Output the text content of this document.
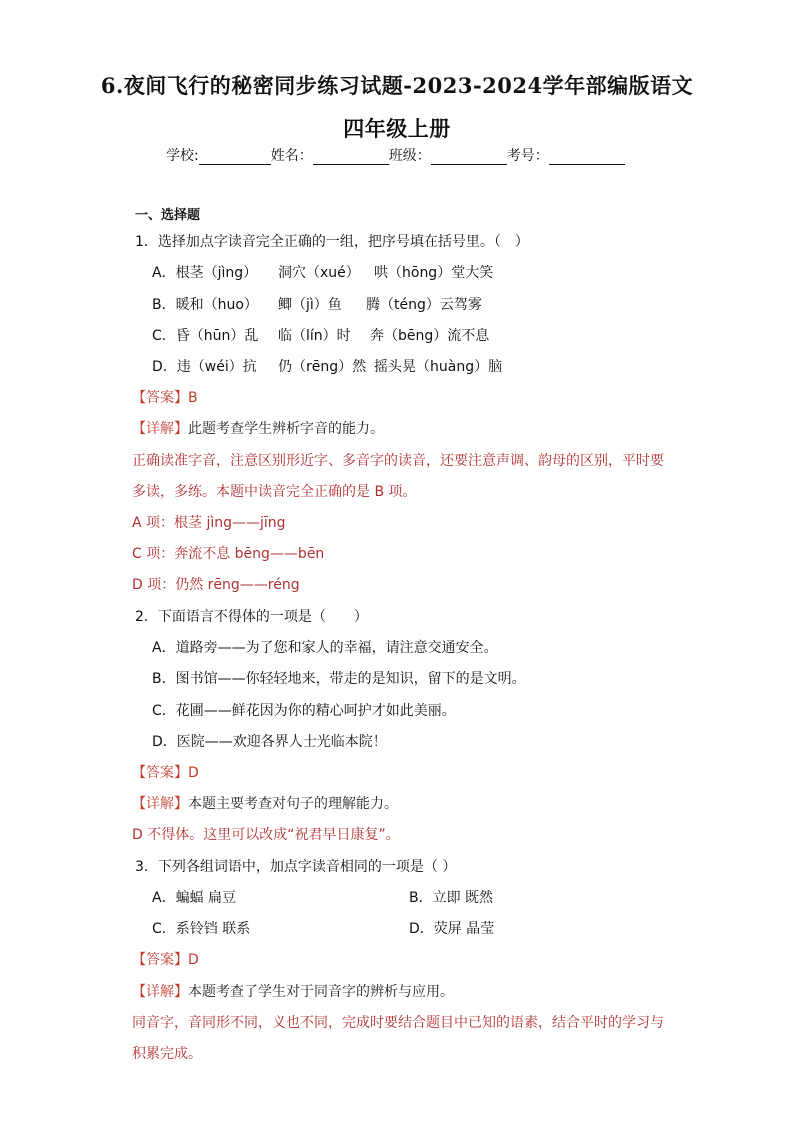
6.夜间飞行的秘密同步练习试题-2023-2024学年部编版语文
四年级上册
学校:	姓名：	班级：	考号：
一、选择题
1．选择加点字读音完全正确的一组，把序号填在括号里。（　）
A．根茎（jìng） 洞穴（xué） 哄（hōng）堂大笑
B．暖和（huo） 鲫（jì）鱼 腾（téng）云驾雾
C．昏（hūn）乱 临（lín）时 奔（bēng）流不息
D．违（wéi）抗 仍（rēng）然 摇头晃（huàng）脑
【答案】B
【详解】此题考查学生辨析字音的能力。
正确读准字音，注意区别形近字、多音字的读音，还要注意声调、韵母的区别，平时要
多读，多练。本题中读音完全正确的是 B 项。
A 项：根茎 jìng——jīng
C 项：奔流不息 bēng——bēn
D 项：仍然 rēng——réng
2．下面语言不得体的一项是（　　）
A．道路旁——为了您和家人的幸福，请注意交通安全。
B．图书馆——你轻轻地来，带走的是知识，留下的是文明。
C．花圃——鲜花因为你的精心呵护才如此美丽。
D．医院——欢迎各界人士光临本院！
【答案】D
【详解】本题主要考查对句子的理解能力。
D 不得体。这里可以改成“祝君早日康复”。
3．下列各组词语中，加点字读音相同的一项是（ ）
A．蝙蝠 扁豆	B．立即 既然
C．系铃铛 联系	D．荧屏 晶莹
【答案】D
【详解】本题考查了学生对于同音字的辨析与应用。
同音字，音同形不同，义也不同，完成时要结合题目中已知的语素，结合平时的学习与
积累完成。
